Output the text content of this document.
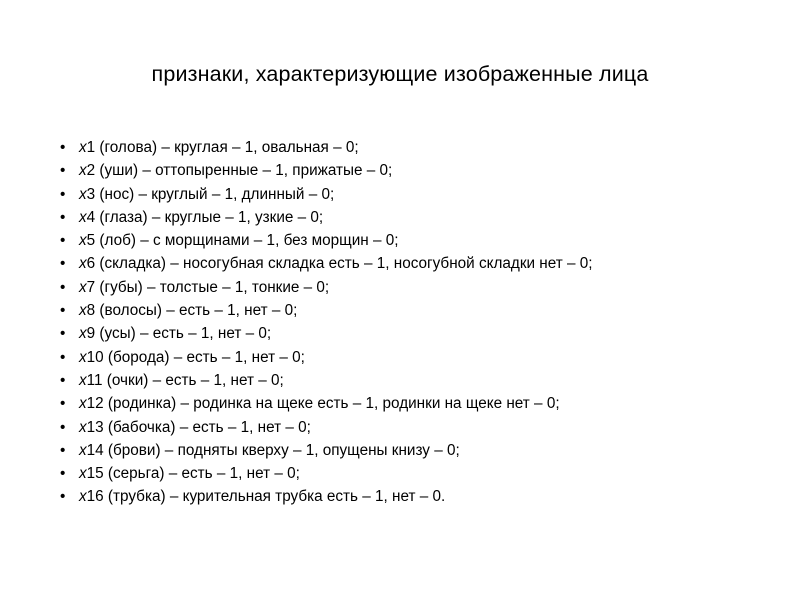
признаки, характеризующие изображенные лица
• x1 (голова) – круглая – 1, овальная – 0;
• x2 (уши) – оттопыренные – 1, прижатые – 0;
• x3 (нос) – круглый – 1, длинный – 0;
• x4 (глаза) – круглые – 1, узкие – 0;
• x5 (лоб) – с морщинами – 1, без морщин – 0;
• x6 (складка) – носогубная складка есть – 1, носогубной складки нет – 0;
• x7 (губы) – толстые – 1, тонкие – 0;
• x8 (волосы) – есть – 1, нет – 0;
• x9 (усы) – есть – 1, нет – 0;
• x10 (борода) – есть – 1, нет – 0;
• x11 (очки) – есть – 1, нет – 0;
• x12 (родинка) – родинка на щеке есть – 1, родинки на щеке нет – 0;
• x13 (бабочка) – есть – 1, нет – 0;
• x14 (брови) – подняты кверху – 1, опущены книзу – 0;
• x15 (серьга) – есть – 1, нет – 0;
• x16 (трубка) – курительная трубка есть – 1, нет – 0.
